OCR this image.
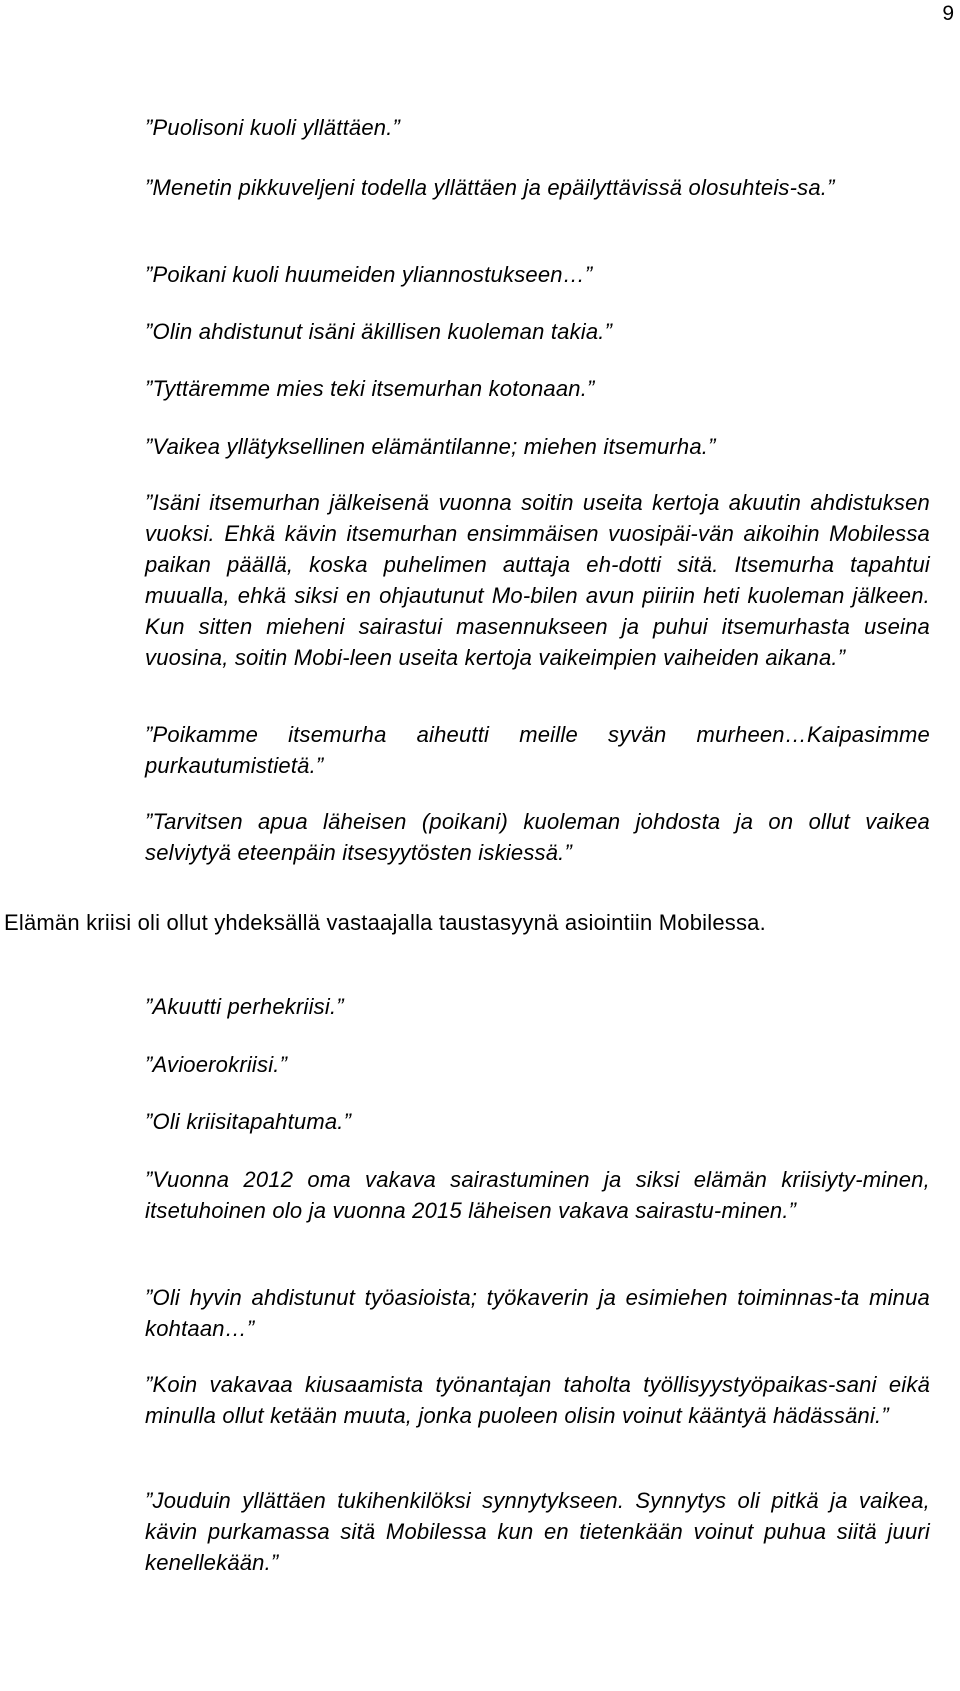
9

”Puolisoni kuoli yllättäen.”

”Menetin pikkuveljeni todella yllättäen ja epäilyttävissä olosuhteis-sa.”

”Poikani kuoli huumeiden yliannostukseen…”

”Olin ahdistunut isäni äkillisen kuoleman takia.”

”Tyttäremme mies teki itsemurhan kotonaan.”

”Vaikea yllätyksellinen elämäntilanne; miehen itsemurha.”

”Isäni itsemurhan jälkeisenä vuonna soitin useita kertoja akuutin ahdistuksen vuoksi. Ehkä kävin itsemurhan ensimmäisen vuosipäi-vän aikoihin Mobilessa paikan päällä, koska puhelimen auttaja eh-dotti sitä. Itsemurha tapahtui muualla, ehkä siksi en ohjautunut Mo-bilen avun piiriin heti kuoleman jälkeen. Kun sitten mieheni sairastui masennukseen ja puhui itsemurhasta useina vuosina, soitin Mobi-leen useita kertoja vaikeimpien vaiheiden aikana.”

”Poikamme itsemurha aiheutti meille syvän murheen…Kaipasimme purkautumistietä.”

”Tarvitsen apua läheisen (poikani) kuoleman johdosta ja on ollut vaikea selviytyä eteenpäin itsesyytösten iskiessä.”

Elämän kriisi oli ollut yhdeksällä vastaajalla taustasyynä asiointiin Mobilessa.

”Akuutti perhekriisi.”

”Avioerokriisi.”

”Oli kriisitapahtuma.”

”Vuonna 2012 oma vakava sairastuminen ja siksi elämän kriisiyty-minen, itsetuhoinen olo ja vuonna 2015 läheisen vakava sairastu-minen.”

”Oli hyvin ahdistunut työasioista; työkaverin ja esimiehen toiminnas-ta minua kohtaan…”

”Koin vakavaa kiusaamista työnantajan taholta työllisyystyöpaikas-sani eikä minulla ollut ketään muuta, jonka puoleen olisin voinut kääntyä hädässäni.”

”Jouduin yllättäen tukihenkilöksi synnytykseen. Synnytys oli pitkä ja vaikea, kävin purkamassa sitä Mobilessa kun en tietenkään voinut puhua siitä juuri kenellekään.”
